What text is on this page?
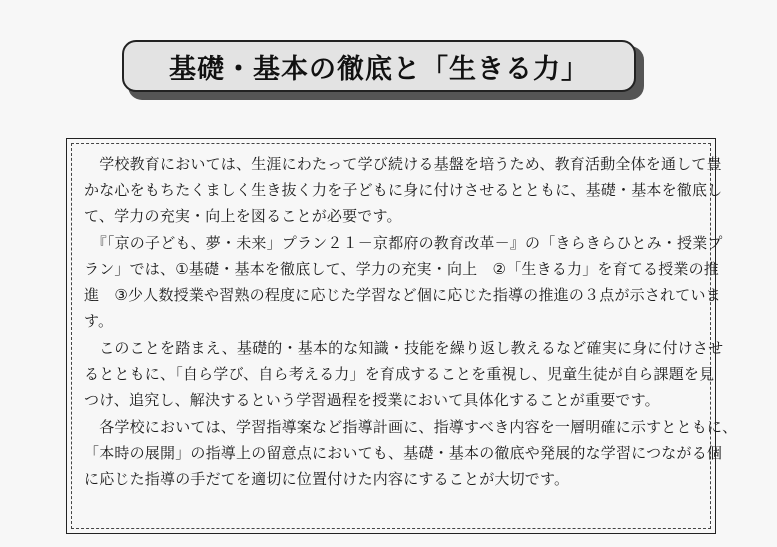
基礎・基本の徹底と「生きる力」
　学校教育においては、生涯にわたって学び続ける基盤を培うため、教育活動全体を通して豊
かな心をもちたくましく生き抜く力を子どもに身に付けさせるとともに、基礎・基本を徹底し
て、学力の充実・向上を図ることが必要です。
　『「京の子ども、夢・未来」プラン２１－京都府の教育改革－』の「きらきらひとみ・授業プ
ラン」では、①基礎・基本を徹底して、学力の充実・向上　②「生きる力」を育てる授業の推
進　③少人数授業や習熟の程度に応じた学習など個に応じた指導の推進の３点が示されていま
す。
　このことを踏まえ、基礎的・基本的な知識・技能を繰り返し教えるなど確実に身に付けさせ
るとともに、「自ら学び、自ら考える力」を育成することを重視し、児童生徒が自ら課題を見
つけ、追究し、解決するという学習過程を授業において具体化することが重要です。
　各学校においては、学習指導案など指導計画に、指導すべき内容を一層明確に示すとともに、
「本時の展開」の指導上の留意点においても、基礎・基本の徹底や発展的な学習につながる個
に応じた指導の手だてを適切に位置付けた内容にすることが大切です。
